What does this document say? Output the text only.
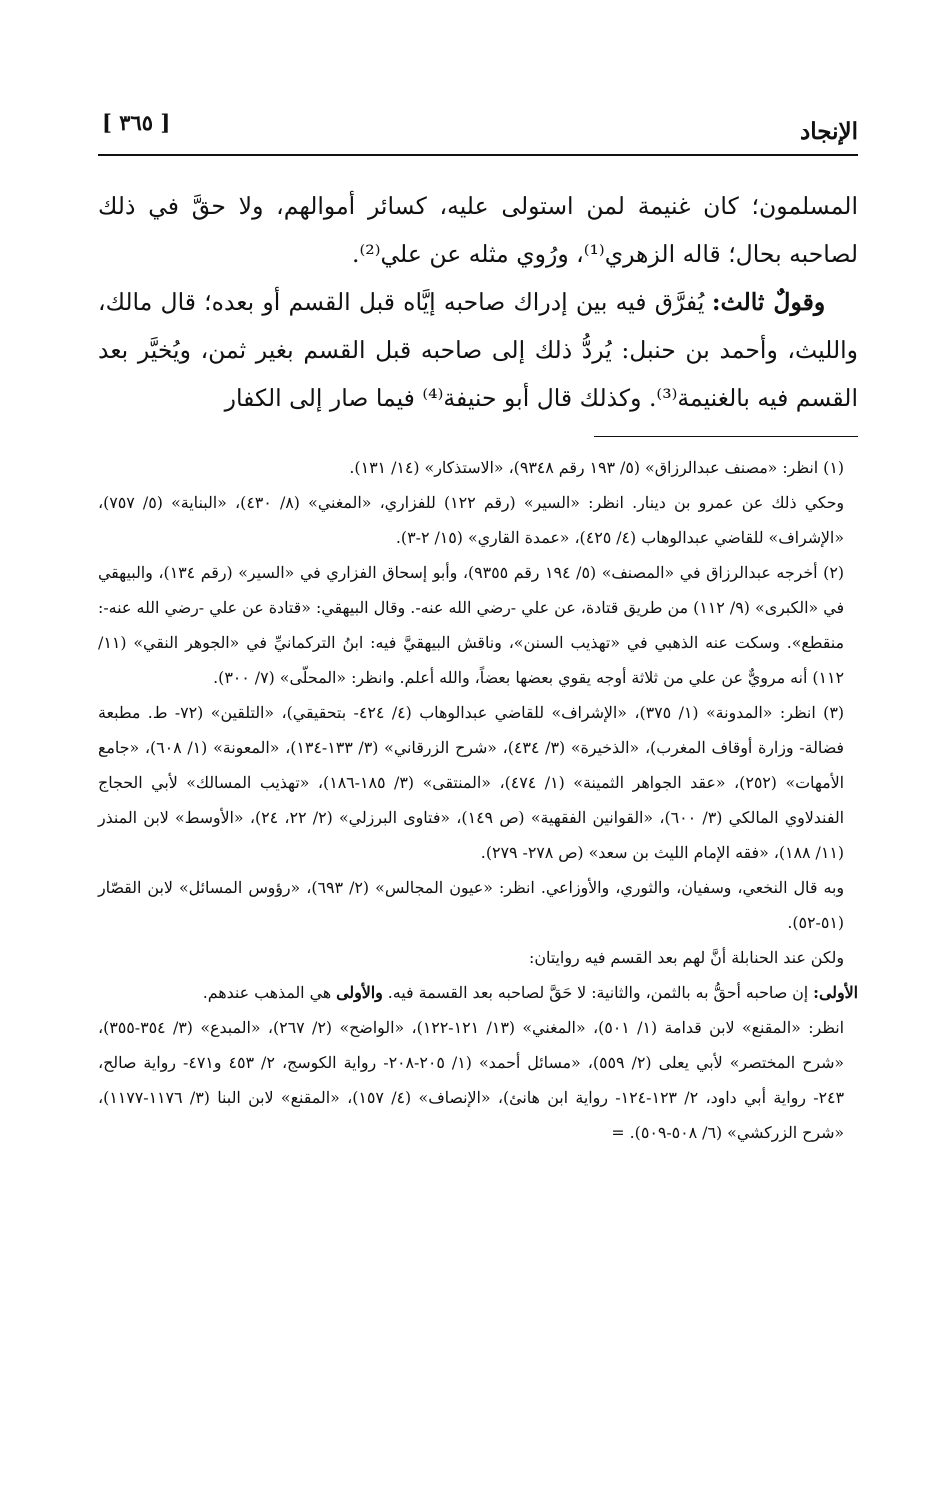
الإنجاد
[ ٣٦٥ ]

المسلمون؛ كان غنيمة لمن استولى عليه، كسائر أموالهم، ولا حقَّ في ذلك لصاحبه بحال؛ قاله الزهري⁽¹⁾، ورُوي مثله عن علي⁽²⁾.

وقولٌ ثالث: يُفرَّق فيه بين إدراك صاحبه إيَّاه قبل القسم أو بعده؛ قال مالك، والليث، وأحمد بن حنبل: يُردُّ ذلك إلى صاحبه قبل القسم بغير ثمن، ويُخيَّر بعد القسم فيه بالغنيمة⁽³⁾. وكذلك قال أبو حنيفة⁽⁴⁾ فيما صار إلى الكفار

(١) انظر: «مصنف عبدالرزاق» (٥/ ١٩٣ رقم ٩٣٤٨)، «الاستذكار» (١٤/ ١٣١).

وحكي ذلك عن عمرو بن دينار. انظر: «السير» (رقم ١٢٢) للفزاري، «المغني» (٨/ ٤٣٠)، «البناية» (٥/ ٧٥٧)، «الإشراف» للقاضي عبدالوهاب (٤/ ٤٢٥)، «عمدة القاري» (١٥/ ٢-٣).

(٢) أخرجه عبدالرزاق في «المصنف» (٥/ ١٩٤ رقم ٩٣٥٥)، وأبو إسحاق الفزاري في «السير» (رقم ١٣٤)، والبيهقي في «الكبرى» (٩/ ١١٢) من طريق قتادة، عن علي -رضي الله عنه-. وقال البيهقي: «قتادة عن علي -رضي الله عنه-: منقطع». وسكت عنه الذهبي في «تهذيب السنن»، وناقش البيهقيَّ فيه: ابنُ التركمانيِّ في «الجوهر النقي» (١١/ ١١٢) أنه مرويٌّ عن علي من ثلاثة أوجه يقوي بعضها بعضاً، والله أعلم. وانظر: «المحلّى» (٧/ ٣٠٠).

(٣) انظر: «المدونة» (١/ ٣٧٥)، «الإشراف» للقاضي عبدالوهاب (٤/ ٤٢٤- بتحقيقي)، «التلقين» (٧٢- ط. مطبعة فضالة- وزارة أوقاف المغرب)، «الذخيرة» (٣/ ٤٣٤)، «شرح الزرقاني» (٣/ ١٣٣-١٣٤)، «المعونة» (١/ ٦٠٨)، «جامع الأمهات» (٢٥٢)، «عقد الجواهر الثمينة» (١/ ٤٧٤)، «المنتقى» (٣/ ١٨٥-١٨٦)، «تهذيب المسالك» لأبي الحجاج الفندلاوي المالكي (٣/ ٦٠٠)، «القوانين الفقهية» (ص ١٤٩)، «فتاوى البرزلي» (٢/ ٢٢، ٢٤)، «الأوسط» لابن المنذر (١١/ ١٨٨)، «فقه الإمام الليث بن سعد» (ص ٢٧٨- ٢٧٩).

وبه قال النخعي، وسفيان، والثوري، والأوزاعي. انظر: «عيون المجالس» (٢/ ٦٩٣)، «رؤوس المسائل» لابن القصّار (٥١-٥٢).

ولكن عند الحنابلة أنَّ لهم بعد القسم فيه روايتان:

الأولى: إن صاحبه أحقُّ به بالثمن، والثانية: لا حَقَّ لصاحبه بعد القسمة فيه. والأولى هي المذهب عندهم.

انظر: «المقنع» لابن قدامة (١/ ٥٠١)، «المغني» (١٣/ ١٢١-١٢٢)، «الواضح» (٢/ ٢٦٧)، «المبدع» (٣/ ٣٥٤-٣٥٥)، «شرح المختصر» لأبي يعلى (٢/ ٥٥٩)، «مسائل أحمد» (١/ ٢٠٥-٢٠٨- رواية الكوسج، ٢/ ٤٥٣ و٤٧١- رواية صالح، ٢٤٣- رواية أبي داود، ٢/ ١٢٣-١٢٤- رواية ابن هانئ)، «الإنصاف» (٤/ ١٥٧)، «المقنع» لابن البنا (٣/ ١١٧٦-١١٧٧)، «شرح الزركشي» (٦/ ٥٠٨-٥٠٩). =
